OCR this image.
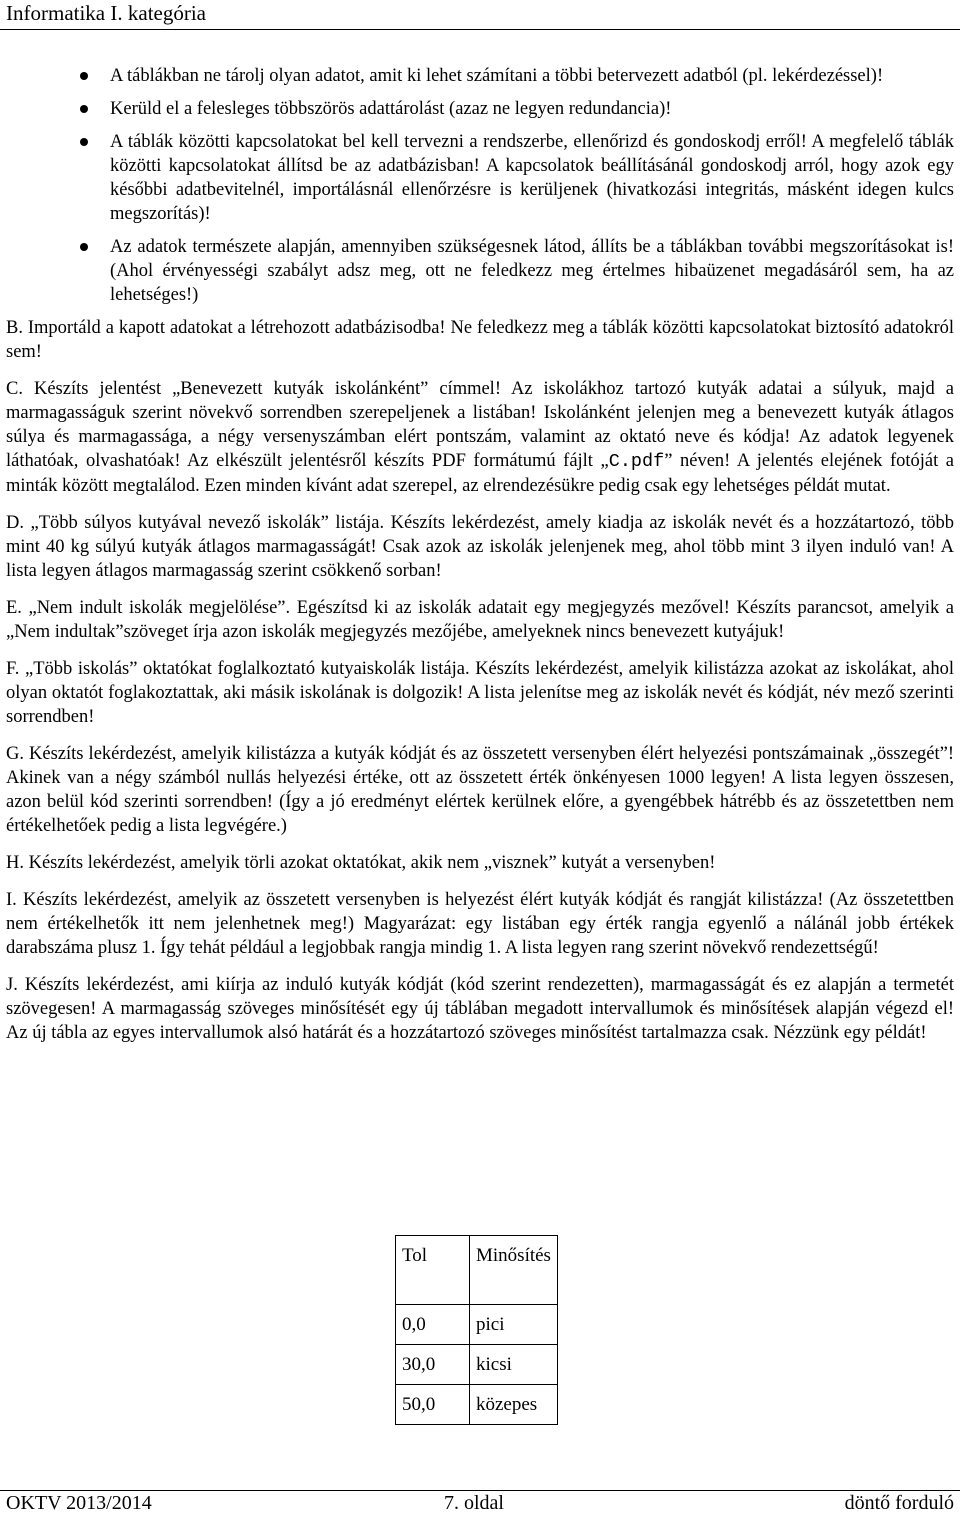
Informatika I. kategória
A táblákban ne tárolj olyan adatot, amit ki lehet számítani a többi betervezett adatból (pl. lekérdezéssel)!
Kerüld el a felesleges többszörös adattárolást (azaz ne legyen redundancia)!
A táblák közötti kapcsolatokat bel kell tervezni a rendszerbe, ellenőrizd és gondoskodj erről! A megfelelő táblák közötti kapcsolatokat állítsd be az adatbázisban! A kapcsolatok beállításánál gondoskodj arról, hogy azok egy későbbi adatbevitelnél, importálásnál ellenőrzésre is kerüljenek (hivatkozási integritás, másként idegen kulcs megszorítás)!
Az adatok természete alapján, amennyiben szükségesnek látod, állíts be a táblákban további megszorításokat is! (Ahol érvényességi szabályt adsz meg, ott ne feledkezz meg értelmes hibaüzenet megadásáról sem, ha az lehetséges!)

B. Importáld a kapott adatokat a létrehozott adatbázisodba! Ne feledkezz meg a táblák közötti kapcsolatokat biztosító adatokról sem!

C. Készíts jelentést „Benevezett kutyák iskolánként” címmel! Az iskolákhoz tartozó kutyák adatai a súlyuk, majd a marmagasságuk szerint növekvő sorrendben szerepeljenek a listában! Iskolánként jelenjen meg a benevezett kutyák átlagos súlya és marmagassága, a négy versenyszámban elért pontszám, valamint az oktató neve és kódja! Az adatok legyenek láthatóak, olvashatóak! Az elkészült jelentésről készíts PDF formátumú fájlt „C.pdf” néven! A jelentés elejének fotóját a minták között megtalálod. Ezen minden kívánt adat szerepel, az elrendezésükre pedig csak egy lehetséges példát mutat.

D. „Több súlyos kutyával nevező iskolák” listája. Készíts lekérdezést, amely kiadja az iskolák nevét és a hozzátartozó, több mint 40 kg súlyú kutyák átlagos marmagasságát! Csak azok az iskolák jelenjenek meg, ahol több mint 3 ilyen induló van! A lista legyen átlagos marmagasság szerint csökkenő sorban!

E. „Nem indult iskolák megjelölése”. Egészítsd ki az iskolák adatait egy megjegyzés mezővel! Készíts parancsot, amelyik a „Nem indultak”szöveget írja azon iskolák megjegyzés mezőjébe, amelyeknek nincs benevezett kutyájuk!

F. „Több iskolás” oktatókat foglalkoztató kutyaiskolák listája. Készíts lekérdezést, amelyik kilistázza azokat az iskolákat, ahol olyan oktatót foglakoztattak, aki másik iskolának is dolgozik! A lista jelenítse meg az iskolák nevét és kódját, név mező szerinti sorrendben!

G. Készíts lekérdezést, amelyik kilistázza a kutyák kódját és az összetett versenyben élért helyezési pontszámainak „összegét”! Akinek van a négy számból nullás helyezési értéke, ott az összetett érték önkényesen 1000 legyen! A lista legyen összesen, azon belül kód szerinti sorrendben! (Így a jó eredményt elértek kerülnek előre, a gyengébbek hátrébb és az összetettben nem értékelhetőek pedig a lista legvégére.)

H. Készíts lekérdezést, amelyik törli azokat oktatókat, akik nem „visznek” kutyát a versenyben!

I. Készíts lekérdezést, amelyik az összetett versenyben is helyezést élért kutyák kódját és rangját kilistázza! (Az összetettben nem értékelhetők itt nem jelenhetnek meg!) Magyarázat: egy listában egy érték rangja egyenlő a nálánál jobb értékek darabszáma plusz 1. Így tehát például a legjobbak rangja mindig 1. A lista legyen rang szerint növekvő rendezettségű!

J. Készíts lekérdezést, ami kiírja az induló kutyák kódját (kód szerint rendezetten), marmagasságát és ez alapján a termetét szövegesen! A marmagasság szöveges minősítését egy új táblában megadott intervallumok és minősítések alapján végezd el! Az új tábla az egyes intervallumok alsó határát és a hozzátartozó szöveges minősítést tartalmazza csak. Nézzünk egy példát!

Tol	Minősítés
0,0	pici
30,0	kicsi
50,0	közepes
OKTV 2013/2014	7. oldal	döntő forduló
